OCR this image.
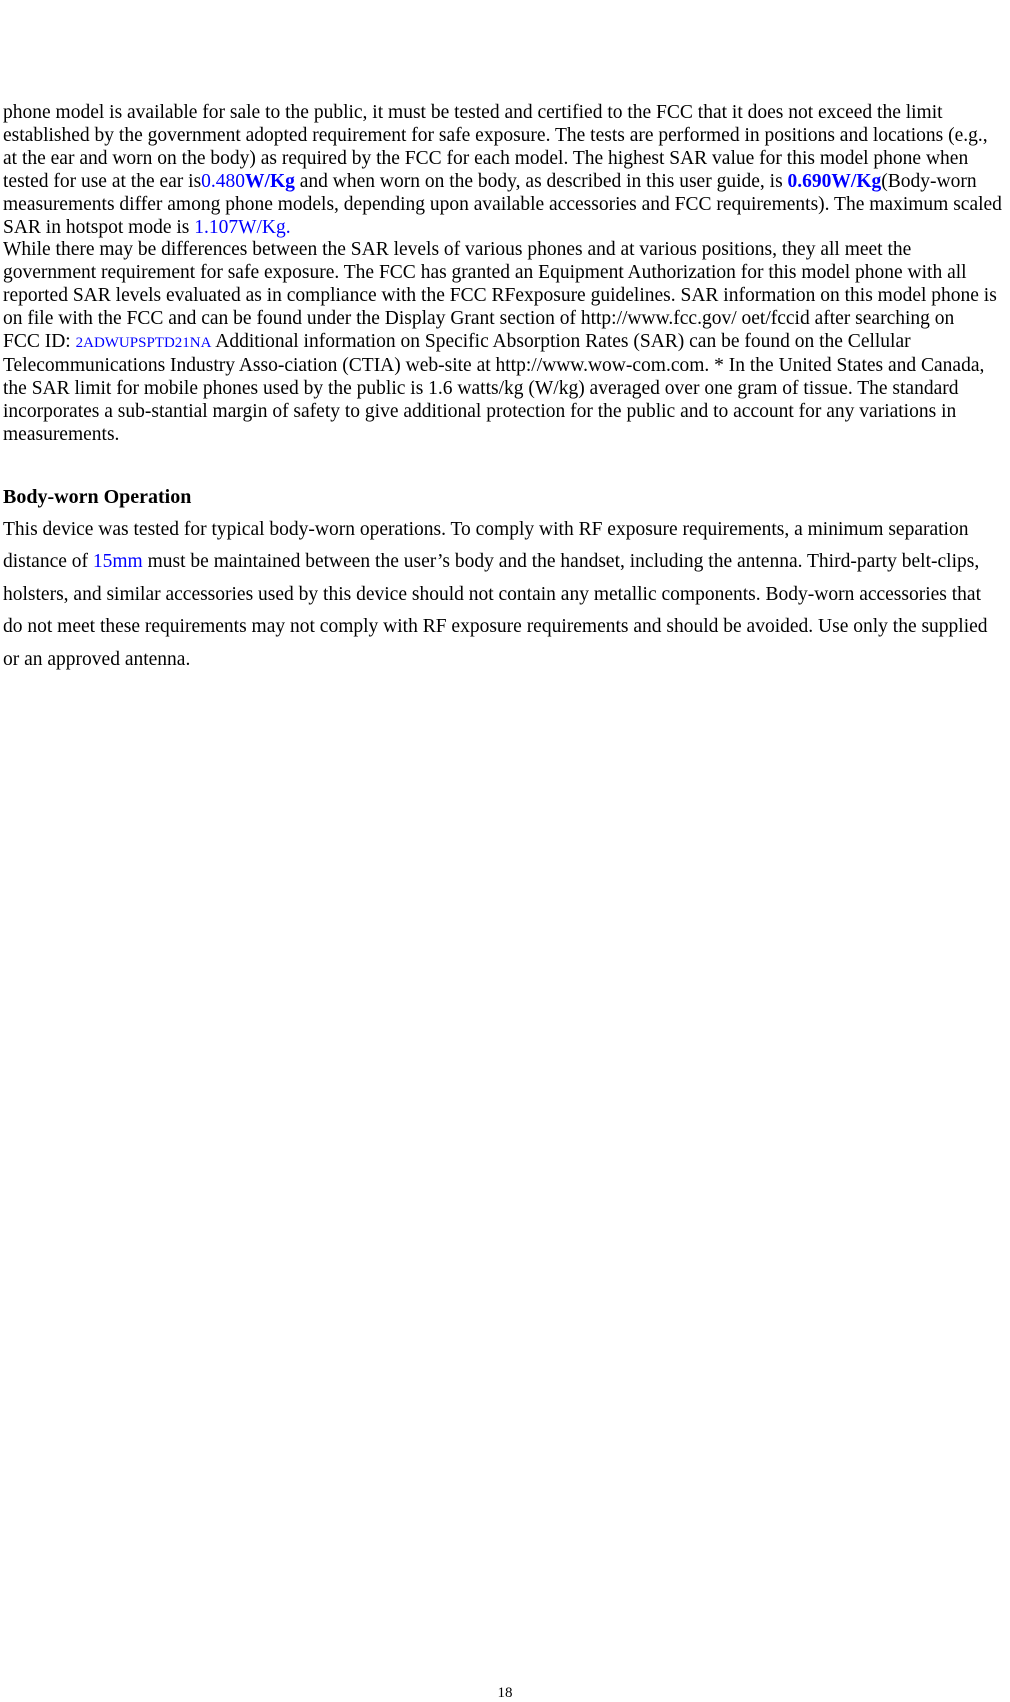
phone model is available for sale to the public, it must be tested and certified to the FCC that it does not exceed the limit established by the government adopted requirement for safe exposure. The tests are performed in positions and locations (e.g., at the ear and worn on the body) as required by the FCC for each model. The highest SAR value for this model phone when tested for use at the ear is0.480W/Kg and when worn on the body, as described in this user guide, is 0.690W/Kg(Body-worn measurements differ among phone models, depending upon available accessories and FCC requirements). The maximum scaled SAR in hotspot mode is 1.107W/Kg.
While there may be differences between the SAR levels of various phones and at various positions, they all meet the government requirement for safe exposure. The FCC has granted an Equipment Authorization for this model phone with all reported SAR levels evaluated as in compliance with the FCC RFexposure guidelines. SAR information on this model phone is on file with the FCC and can be found under the Display Grant section of http://www.fcc.gov/ oet/fccid after searching on
FCC ID: 2ADWUPSPTD21NA Additional information on Specific Absorption Rates (SAR) can be found on the Cellular Telecommunications Industry Asso-ciation (CTIA) web-site at http://www.wow-com.com. * In the United States and Canada, the SAR limit for mobile phones used by the public is 1.6 watts/kg (W/kg) averaged over one gram of tissue. The standard incorporates a sub-stantial margin of safety to give additional protection for the public and to account for any variations in measurements.

Body-worn Operation

This device was tested for typical body-worn operations. To comply with RF exposure requirements, a minimum separation distance of 15mm must be maintained between the user’s body and the handset, including the antenna. Third-party belt-clips, holsters, and similar accessories used by this device should not contain any metallic components. Body-worn accessories that do not meet these requirements may not comply with RF exposure requirements and should be avoided. Use only the supplied or an approved antenna.

18
